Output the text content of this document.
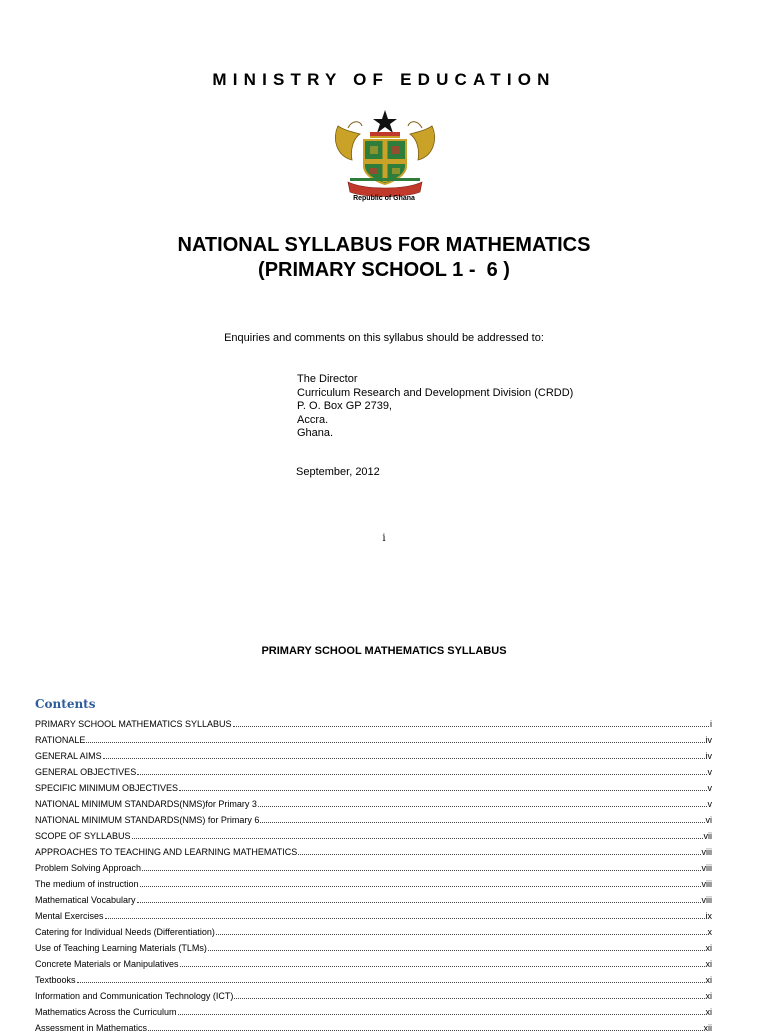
MINISTRY OF EDUCATION
Republic of Ghana
NATIONAL SYLLABUS FOR MATHEMATICS
(PRIMARY SCHOOL 1 -  6 )
Enquiries and comments on this syllabus should be addressed to:
The Director
Curriculum Research and Development Division (CRDD)
P. O. Box GP 2739,
Accra.
Ghana.
September, 2012
i
PRIMARY SCHOOL MATHEMATICS SYLLABUS
Contents
PRIMARY SCHOOL MATHEMATICS SYLLABUS	i
RATIONALE	iv
GENERAL AIMS	iv
GENERAL OBJECTIVES	v
SPECIFIC MINIMUM OBJECTIVES	v
NATIONAL MINIMUM STANDARDS(NMS)for Primary 3	v
NATIONAL MINIMUM STANDARDS(NMS) for Primary 6	vi
SCOPE OF SYLLABUS	vii
APPROACHES TO TEACHING AND LEARNING MATHEMATICS	viii
Problem Solving Approach	viii
The medium of instruction	viii
Mathematical Vocabulary	viii
Mental Exercises	ix
Catering for Individual Needs (Differentiation)	x
Use of Teaching Learning Materials (TLMs)	xi
Concrete Materials or Manipulatives	xi
Textbooks	xi
Information and Communication Technology (ICT)	xi
Mathematics Across the Curriculum	xi
Assessment in Mathematics	xii
